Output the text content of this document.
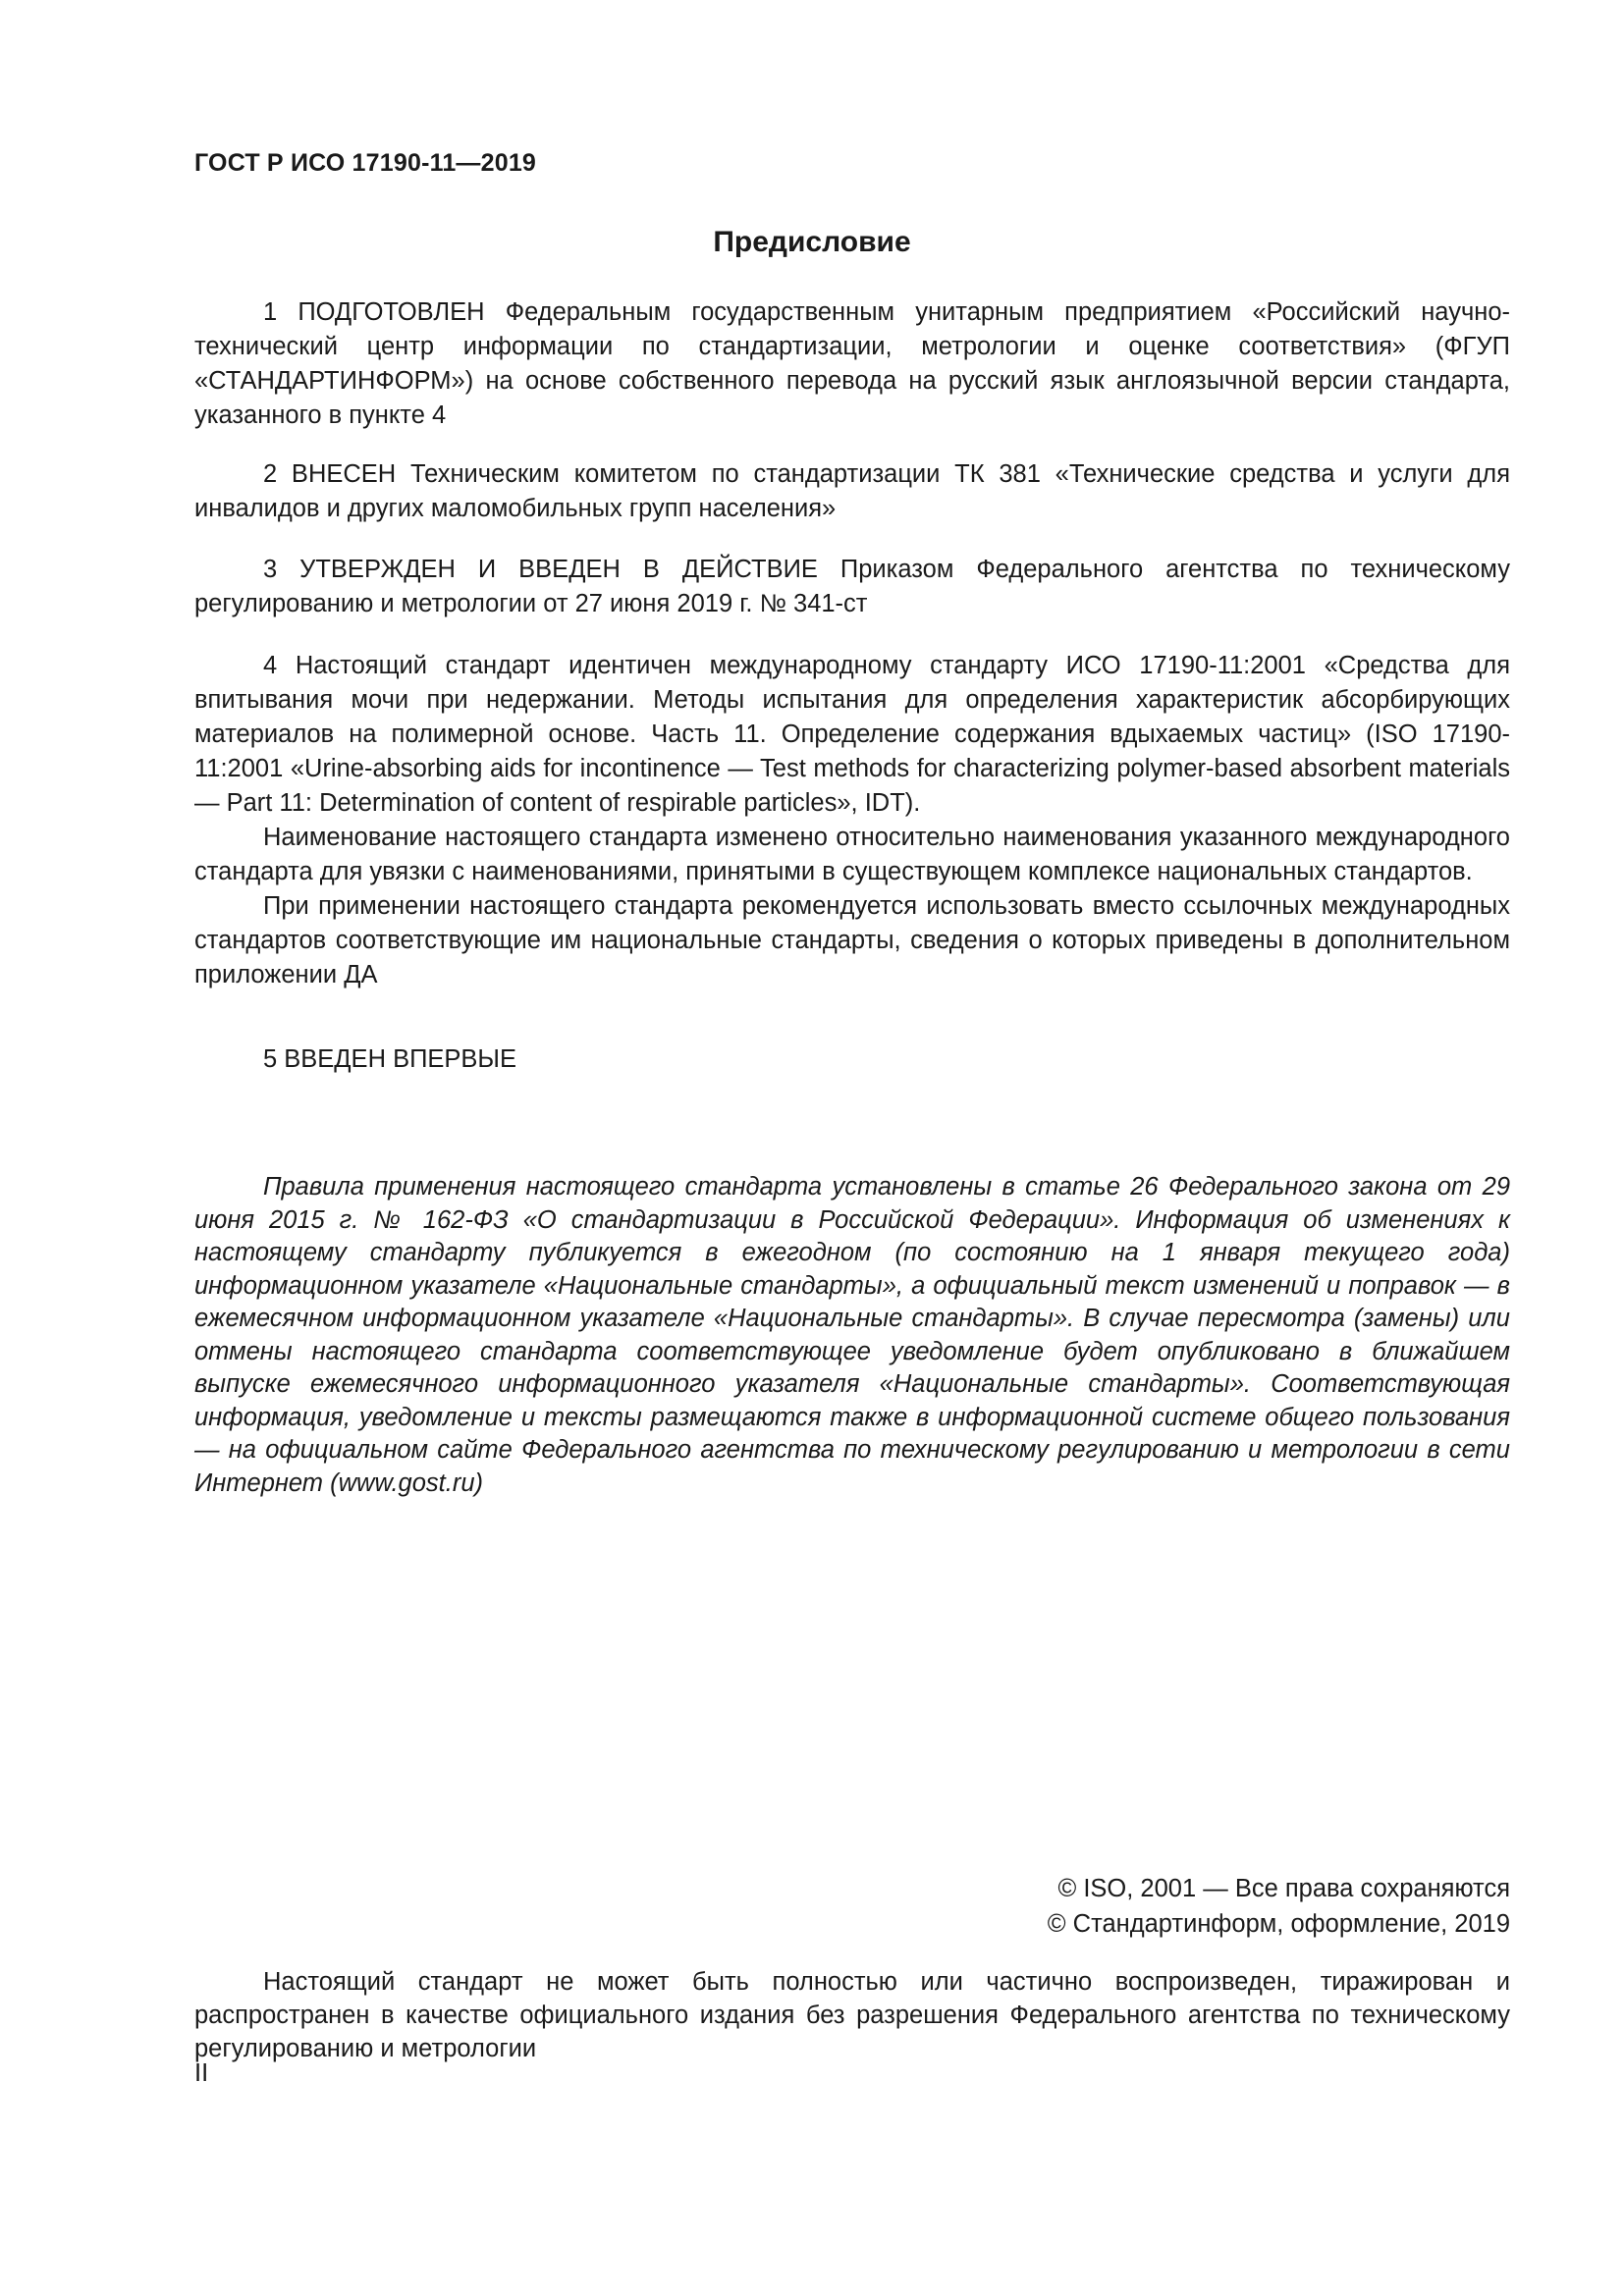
ГОСТ Р ИСО 17190-11—2019
Предисловие

1 ПОДГОТОВЛЕН Федеральным государственным унитарным предприятием «Российский научно-технический центр информации по стандартизации, метрологии и оценке соответствия» (ФГУП «СТАНДАРТИНФОРМ») на основе собственного перевода на русский язык англоязычной версии стандарта, указанного в пункте 4

2 ВНЕСЕН Техническим комитетом по стандартизации ТК 381 «Технические средства и услуги для инвалидов и других маломобильных групп населения»

3 УТВЕРЖДЕН И ВВЕДЕН В ДЕЙСТВИЕ Приказом Федерального агентства по техническому регулированию и метрологии от 27 июня 2019 г. № 341-ст

4 Настоящий стандарт идентичен международному стандарту ИСО 17190-11:2001 «Средства для впитывания мочи при недержании. Методы испытания для определения характеристик абсорбирующих материалов на полимерной основе. Часть 11. Определение содержания вдыхаемых частиц» (ISO 17190-11:2001 «Urine-absorbing aids for incontinence — Test methods for characterizing polymer-based absorbent materials — Part 11: Determination of content of respirable particles», IDT).

Наименование настоящего стандарта изменено относительно наименования указанного международного стандарта для увязки с наименованиями, принятыми в существующем комплексе национальных стандартов.

При применении настоящего стандарта рекомендуется использовать вместо ссылочных международных стандартов соответствующие им национальные стандарты, сведения о которых приведены в дополнительном приложении ДА

5 ВВЕДЕН ВПЕРВЫЕ

Правила применения настоящего стандарта установлены в статье 26 Федерального закона от 29 июня 2015 г. № 162-ФЗ «О стандартизации в Российской Федерации». Информация об изменениях к настоящему стандарту публикуется в ежегодном (по состоянию на 1 января текущего года) информационном указателе «Национальные стандарты», а официальный текст изменений и поправок — в ежемесячном информационном указателе «Национальные стандарты». В случае пересмотра (замены) или отмены настоящего стандарта соответствующее уведомление будет опубликовано в ближайшем выпуске ежемесячного информационного указателя «Национальные стандарты». Соответствующая информация, уведомление и тексты размещаются также в информационной системе общего пользования — на официальном сайте Федерального агентства по техническому регулированию и метрологии в сети Интернет (www.gost.ru)

© ISO, 2001 — Все права сохраняются
© Стандартинформ, оформление, 2019

Настоящий стандарт не может быть полностью или частично воспроизведен, тиражирован и распространен в качестве официального издания без разрешения Федерального агентства по техническому регулированию и метрологии

II
